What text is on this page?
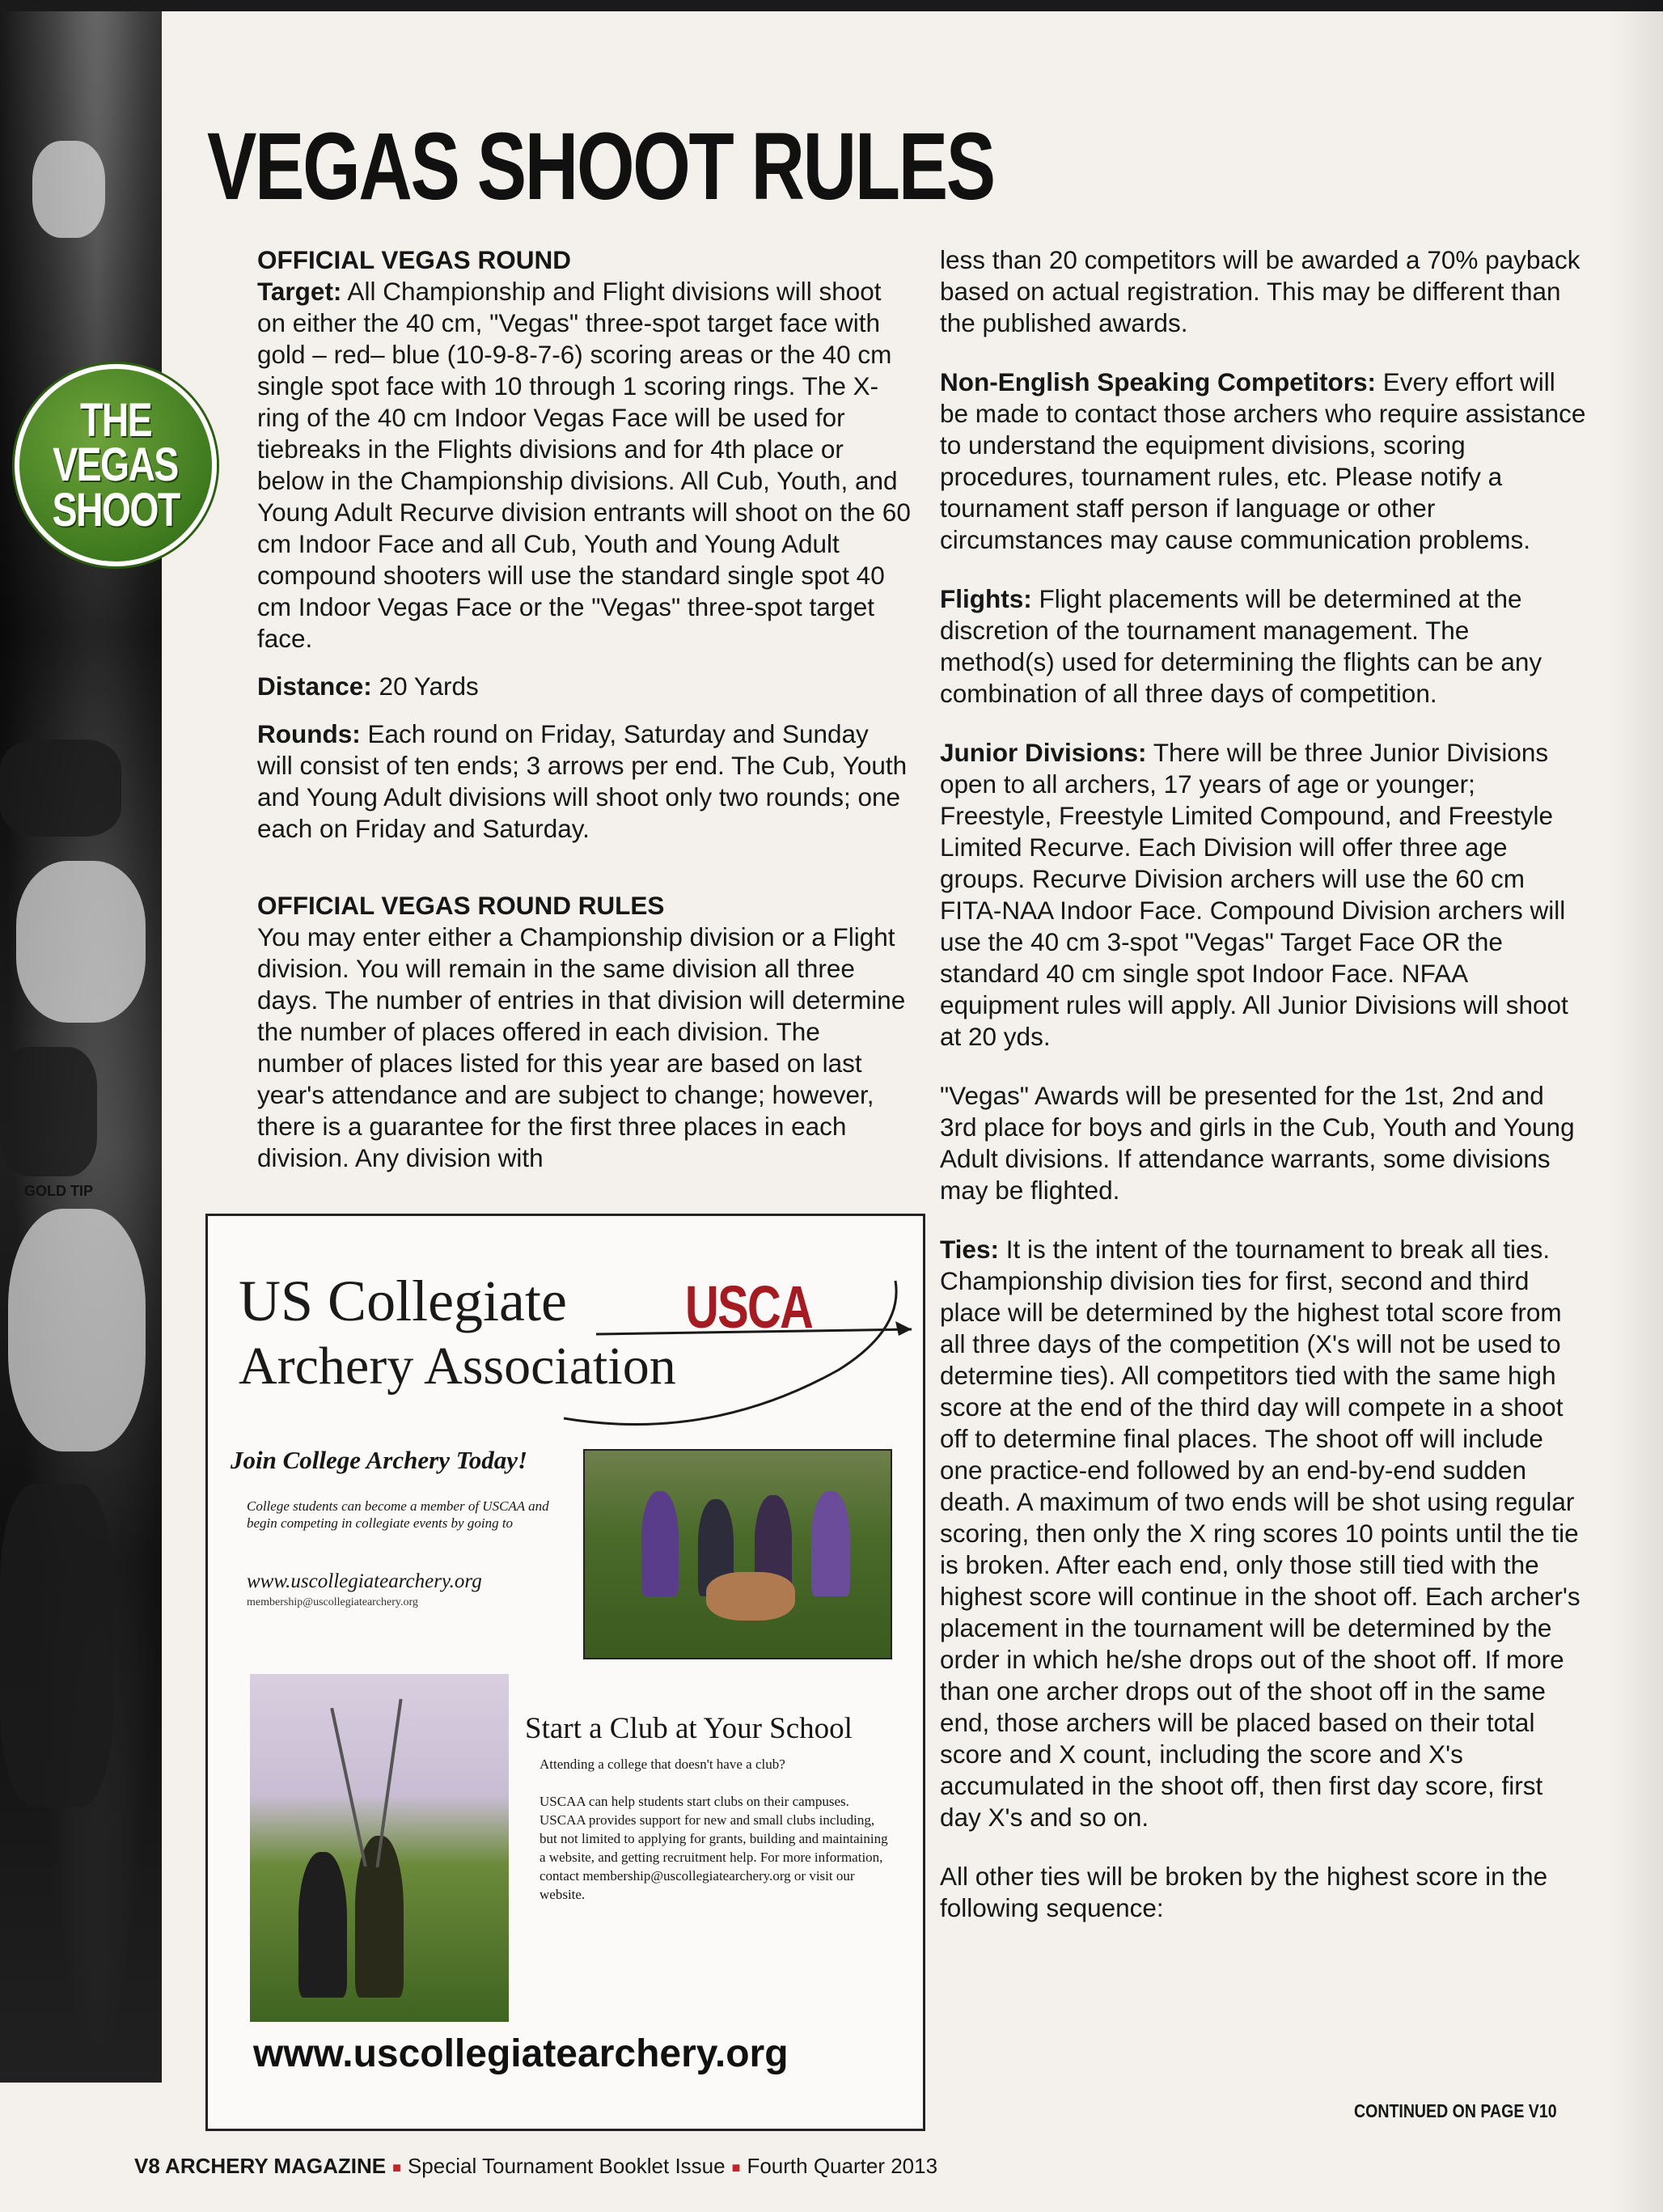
GOLD TIP
THE
VEGAS
SHOOT
VEGAS SHOOT RULES
OFFICIAL VEGAS ROUND

Target: All Championship and Flight divisions will shoot on either the 40 cm, "Vegas" three-spot target face with gold – red– blue (10-9-8-7-6) scoring areas or the 40 cm single spot face with 10 through 1 scoring rings. The X-ring of the 40 cm Indoor Vegas Face will be used for tiebreaks in the Flights divisions and for 4th place or below in the Championship divisions. All Cub, Youth, and Young Adult Recurve division entrants will shoot on the 60 cm Indoor Face and all Cub, Youth and Young Adult compound shooters will use the standard single spot 40 cm Indoor Vegas Face or the "Vegas" three-spot target face.

Distance: 20 Yards

Rounds: Each round on Friday, Saturday and Sunday will consist of ten ends; 3 arrows per end. The Cub, Youth and Young Adult divisions will shoot only two rounds; one each on Friday and Saturday.

OFFICIAL VEGAS ROUND RULES

You may enter either a Championship division or a Flight division. You will remain in the same division all three days. The number of entries in that division will determine the number of places offered in each division. The number of places listed for this year are based on last year's attendance and are subject to change; however, there is a guarantee for the first three places in each division. Any division with

less than 20 competitors will be awarded a 70% payback based on actual registration. This may be different than the published awards.

Non-English Speaking Competitors: Every effort will be made to contact those archers who require assistance to understand the equipment divisions, scoring procedures, tournament rules, etc. Please notify a tournament staff person if language or other circumstances may cause communication problems.

Flights: Flight placements will be determined at the discretion of the tournament management. The method(s) used for determining the flights can be any combination of all three days of competition.

Junior Divisions: There will be three Junior Divisions open to all archers, 17 years of age or younger; Freestyle, Freestyle Limited Compound, and Freestyle Limited Recurve. Each Division will offer three age groups. Recurve Division archers will use the 60 cm FITA-NAA Indoor Face. Compound Division archers will use the 40 cm 3-spot "Vegas" Target Face OR the standard 40 cm single spot Indoor Face. NFAA equipment rules will apply. All Junior Divisions will shoot at 20 yds.

"Vegas" Awards will be presented for the 1st, 2nd and 3rd place for boys and girls in the Cub, Youth and Young Adult divisions. If attendance warrants, some divisions may be flighted.

Ties: It is the intent of the tournament to break all ties. Championship division ties for first, second and third place will be determined by the highest total score from all three days of the competition (X's will not be used to determine ties). All competitors tied with the same high score at the end of the third day will compete in a shoot off to determine final places. The shoot off will include one practice-end followed by an end-by-end sudden death. A maximum of two ends will be shot using regular scoring, then only the X ring scores 10 points until the tie is broken. After each end, only those still tied with the highest score will continue in the shoot off. Each archer's placement in the tournament will be determined by the order in which he/she drops out of the shoot off. If more than one archer drops out of the shoot off in the same end, those archers will be placed based on their total score and X count, including the score and X's accumulated in the shoot off, then first day score, first day X's and so on.

All other ties will be broken by the highest score in the following sequence:

US Collegiate
Archery Association
USCA
Join College Archery Today!
College students can become a member of USCAA and begin competing in collegiate events by going to
www.uscollegiatearchery.org
membership@uscollegiatearchery.org
Start a Club at Your School
Attending a college that doesn't have a club?
USCAA can help students start clubs on their campuses. USCAA provides support for new and small clubs including, but not limited to applying for grants, building and maintaining a website, and getting recruitment help. For more information, contact membership@uscollegiatearchery.org or visit our website.
www.uscollegiatearchery.org
CONTINUED ON PAGE V10
V8 ARCHERY MAGAZINE ■ Special Tournament Booklet Issue ■ Fourth Quarter 2013
